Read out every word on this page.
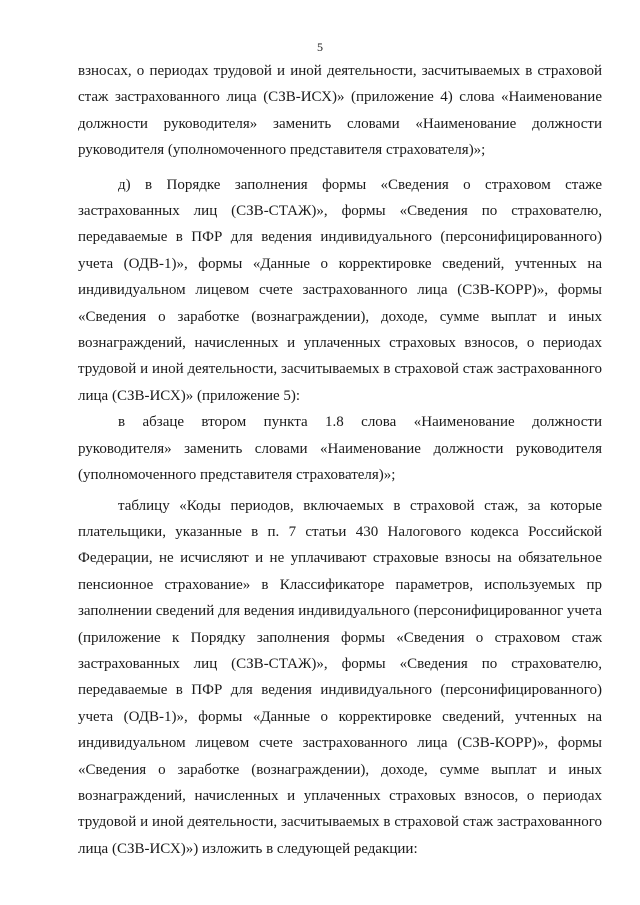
5

взносах, о периодах трудовой и иной деятельности, засчитываемых в страховой стаж застрахованного лица (СЗВ-ИСХ)» (приложение 4) слова «Наименование должности руководителя» заменить словами «Наименование должности руководителя (уполномоченного представителя страхователя)»;

д) в Порядке заполнения формы «Сведения о страховом стаже застрахованных лиц (СЗВ-СТАЖ)», формы «Сведения по страхователю, передаваемые в ПФР для ведения индивидуального (персонифицированного) учета (ОДВ-1)», формы «Данные о корректировке сведений, учтенных на индивидуальном лицевом счете застрахованного лица (СЗВ-КОРР)», формы «Сведения о заработке (вознаграждении), доходе, сумме выплат и иных вознаграждений, начисленных и уплаченных страховых взносов, о периодах трудовой и иной деятельности, засчитываемых в страховой стаж застрахованного лица (СЗВ-ИСХ)» (приложение 5):

в абзаце втором пункта 1.8 слова «Наименование должности руководителя» заменить словами «Наименование должности руководителя (уполномоченного представителя страхователя)»;

таблицу «Коды периодов, включаемых в страховой стаж, за которые плательщики, указанные в п. 7 статьи 430 Налогового кодекса Российской Федерации, не исчисляют и не уплачивают страховые взносы на обязательное пенсионное страхование» в Классификаторе параметров, используемых пр заполнении сведений для ведения индивидуального (персонифицированног учета (приложение к Порядку заполнения формы «Сведения о страховом стаж застрахованных лиц (СЗВ-СТАЖ)», формы «Сведения по страхователю, передаваемые в ПФР для ведения индивидуального (персонифицированного) учета (ОДВ-1)», формы «Данные о корректировке сведений, учтенных на индивидуальном лицевом счете застрахованного лица (СЗВ-КОРР)», формы «Сведения о заработке (вознаграждении), доходе, сумме выплат и иных вознаграждений, начисленных и уплаченных страховых взносов, о периодах трудовой и иной деятельности, засчитываемых в страховой стаж застрахованного лица (СЗВ-ИСХ)») изложить в следующей редакции:
